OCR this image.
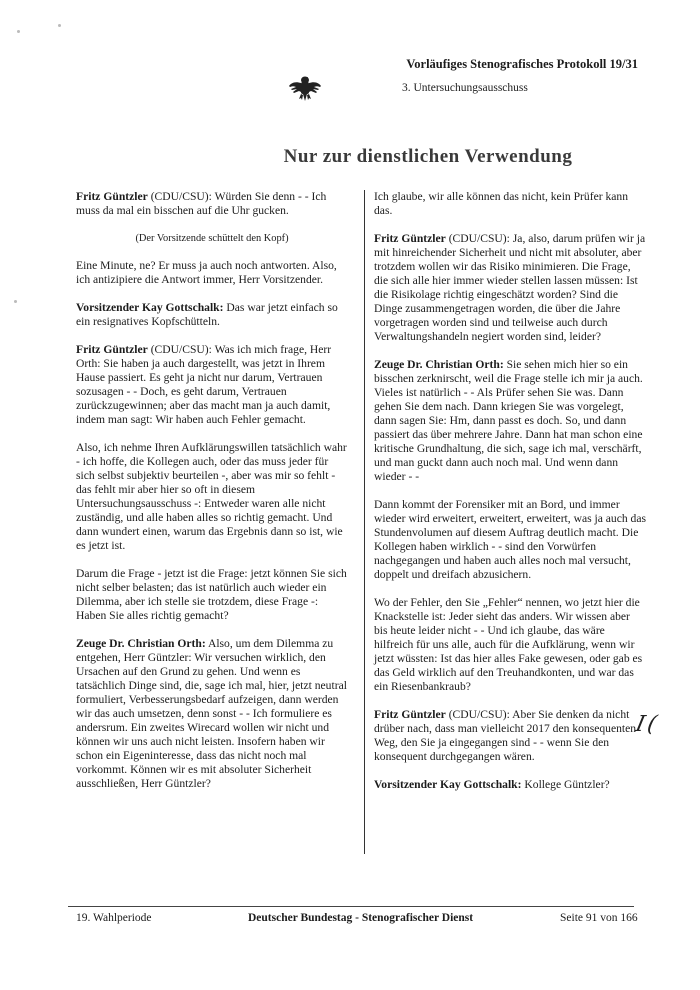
Vorläufiges Stenografisches Protokoll 19/31
3. Untersuchungsausschuss
Nur zur dienstlichen Verwendung

Fritz Güntzler (CDU/CSU): Würden Sie denn - - Ich muss da mal ein bisschen auf die Uhr gucken.

(Der Vorsitzende schüttelt den Kopf)

Eine Minute, ne? Er muss ja auch noch antworten. Also, ich antizipiere die Antwort immer, Herr Vorsitzender.

Vorsitzender Kay Gottschalk: Das war jetzt einfach so ein resignatives Kopfschütteln.

Fritz Güntzler (CDU/CSU): Was ich mich frage, Herr Orth: Sie haben ja auch dargestellt, was jetzt in Ihrem Hause passiert. Es geht ja nicht nur darum, Vertrauen sozusagen - - Doch, es geht darum, Vertrauen zurückzugewinnen; aber das macht man ja auch damit, indem man sagt: Wir haben auch Fehler gemacht.

Also, ich nehme Ihren Aufklärungswillen tatsächlich wahr - ich hoffe, die Kollegen auch, oder das muss jeder für sich selbst subjektiv beurteilen -, aber was mir so fehlt - das fehlt mir aber hier so oft in diesem Untersuchungsausschuss -: Entweder waren alle nicht zuständig, und alle haben alles so richtig gemacht. Und dann wundert einen, warum das Ergebnis dann so ist, wie es jetzt ist.

Darum die Frage - jetzt ist die Frage: jetzt können Sie sich nicht selber belasten; das ist natürlich auch wieder ein Dilemma, aber ich stelle sie trotzdem, diese Frage -: Haben Sie alles richtig gemacht?

Zeuge Dr. Christian Orth: Also, um dem Dilemma zu entgehen, Herr Güntzler: Wir versuchen wirklich, den Ursachen auf den Grund zu gehen. Und wenn es tatsächlich Dinge sind, die, sage ich mal, hier, jetzt neutral formuliert, Verbesserungsbedarf aufzeigen, dann werden wir das auch umsetzen, denn sonst - - Ich formuliere es andersrum. Ein zweites Wirecard wollen wir nicht und können wir uns auch nicht leisten. Insofern haben wir schon ein Eigeninteresse, dass das nicht noch mal vorkommt. Können wir es mit absoluter Sicherheit ausschließen, Herr Güntzler?

Ich glaube, wir alle können das nicht, kein Prüfer kann das.

Fritz Güntzler (CDU/CSU): Ja, also, darum prüfen wir ja mit hinreichender Sicherheit und nicht mit absoluter, aber trotzdem wollen wir das Risiko minimieren. Die Frage, die sich alle hier immer wieder stellen lassen müssen: Ist die Risikolage richtig eingeschätzt worden? Sind die Dinge zusammengetragen worden, die über die Jahre vorgetragen worden sind und teilweise auch durch Verwaltungshandeln negiert worden sind, leider?

Zeuge Dr. Christian Orth: Sie sehen mich hier so ein bisschen zerknirscht, weil die Frage stelle ich mir ja auch. Vieles ist natürlich - - Als Prüfer sehen Sie was. Dann gehen Sie dem nach. Dann kriegen Sie was vorgelegt, dann sagen Sie: Hm, dann passt es doch. So, und dann passiert das über mehrere Jahre. Dann hat man schon eine kritische Grundhaltung, die sich, sage ich mal, verschärft, und man guckt dann auch noch mal. Und wenn dann wieder - -

Dann kommt der Forensiker mit an Bord, und immer wieder wird erweitert, erweitert, erweitert, was ja auch das Stundenvolumen auf diesem Auftrag deutlich macht. Die Kollegen haben wirklich - - sind den Vorwürfen nachgegangen und haben auch alles noch mal versucht, doppelt und dreifach abzusichern.

Wo der Fehler, den Sie „Fehler“ nennen, wo jetzt hier die Knackstelle ist: Jeder sieht das anders. Wir wissen aber bis heute leider nicht - - Und ich glaube, das wäre hilfreich für uns alle, auch für die Aufklärung, wenn wir jetzt wüssten: Ist das hier alles Fake gewesen, oder gab es das Geld wirklich auf den Treuhandkonten, und war das ein Riesenbankraub?

Fritz Güntzler (CDU/CSU): Aber Sie denken da nicht drüber nach, dass man vielleicht 2017 den konsequenten Weg, den Sie ja eingegangen sind - - wenn Sie den konsequent durchgegangen wären.

Vorsitzender Kay Gottschalk: Kollege Güntzler?

I(
19. Wahlperiode	Deutscher Bundestag - Stenografischer Dienst	Seite 91 von 166
